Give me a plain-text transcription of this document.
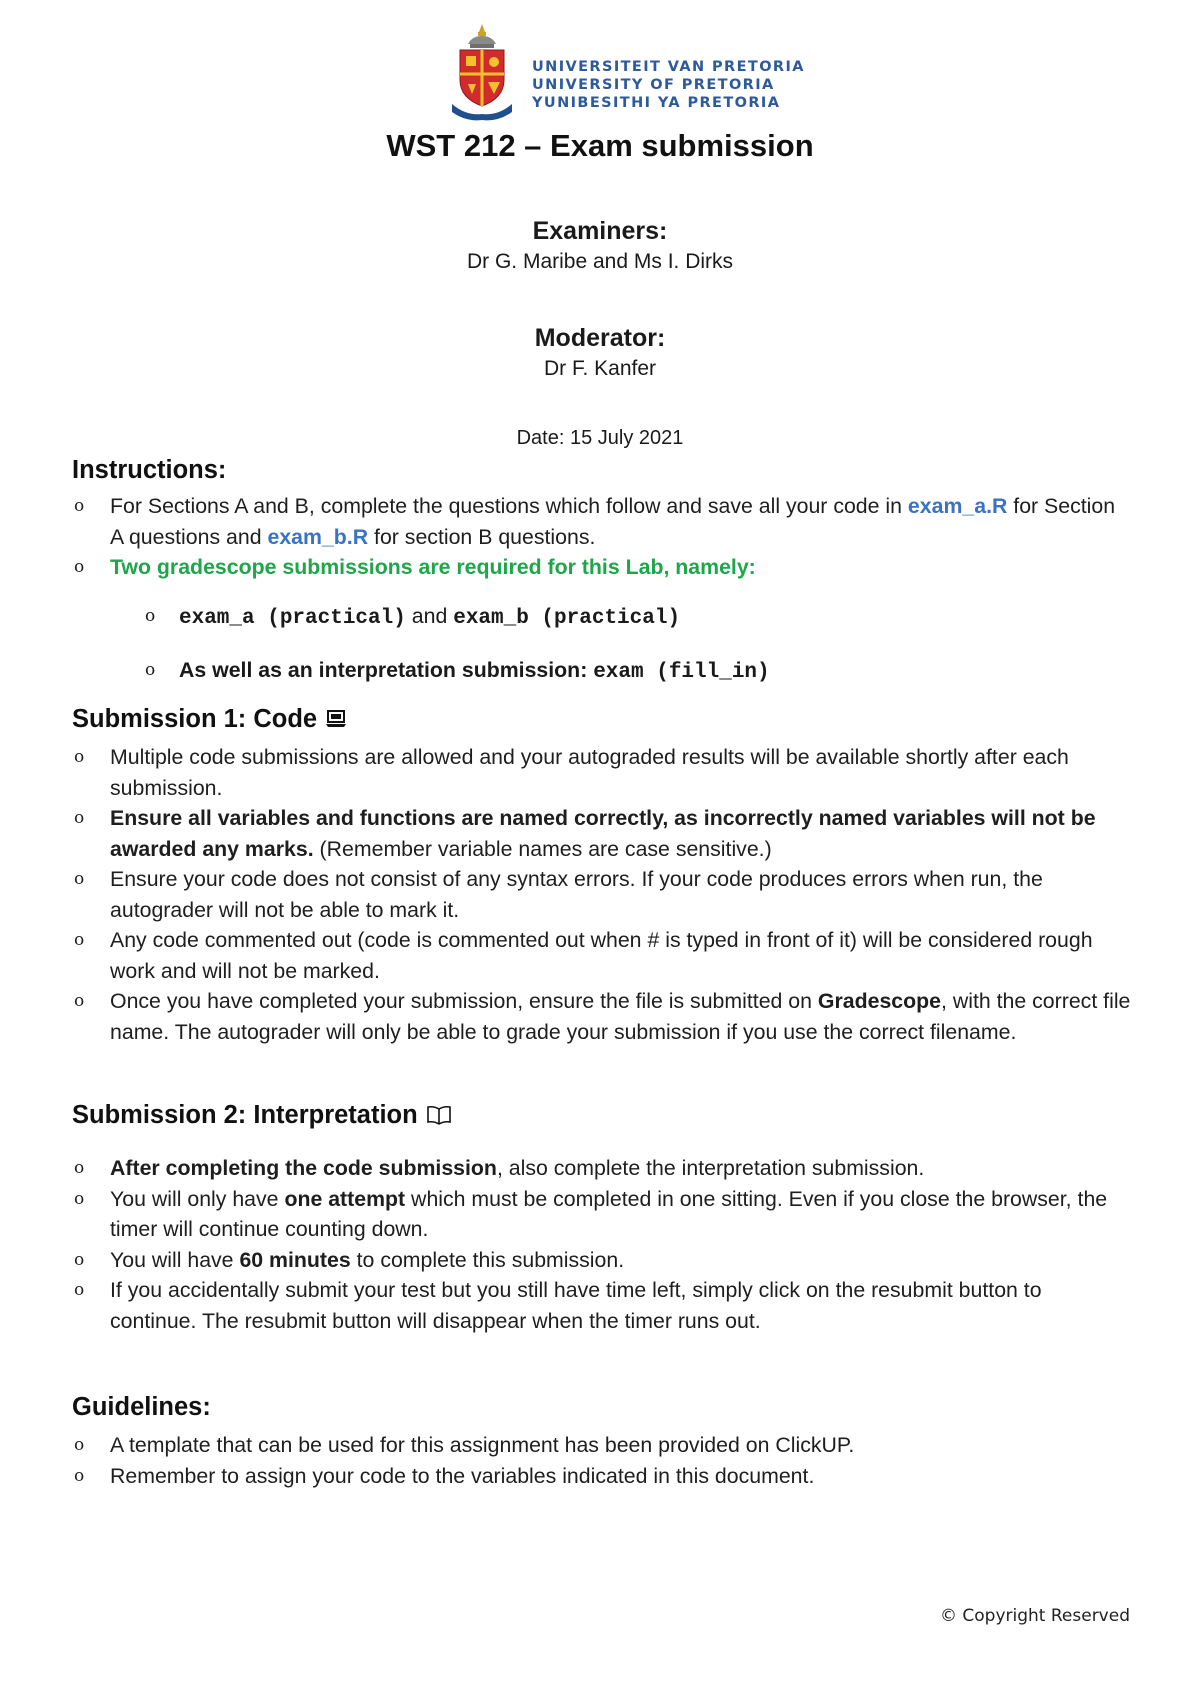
UNIVERSITEIT VAN PRETORIA
UNIVERSITY OF PRETORIA
YUNIBESITHI YA PRETORIA
WST 212 – Exam submission
Examiners:
Dr G. Maribe and Ms I. Dirks
Moderator:
Dr F. Kanfer
Date: 15 July 2021
Instructions:
o For Sections A and B, complete the questions which follow and save all your code in exam_a.R for Section A questions and exam_b.R for section B questions.
o Two gradescope submissions are required for this Lab, namely:
o exam_a (practical) and exam_b (practical)
o As well as an interpretation submission: exam (fill_in)
Submission 1: Code
o Multiple code submissions are allowed and your autograded results will be available shortly after each submission.
o Ensure all variables and functions are named correctly, as incorrectly named variables will not be awarded any marks. (Remember variable names are case sensitive.)
o Ensure your code does not consist of any syntax errors. If your code produces errors when run, the autograder will not be able to mark it.
o Any code commented out (code is commented out when # is typed in front of it) will be considered rough work and will not be marked.
o Once you have completed your submission, ensure the file is submitted on Gradescope, with the correct file name. The autograder will only be able to grade your submission if you use the correct filename.
Submission 2: Interpretation
o After completing the code submission, also complete the interpretation submission.
o You will only have one attempt which must be completed in one sitting. Even if you close the browser, the timer will continue counting down.
o You will have 60 minutes to complete this submission.
o If you accidentally submit your test but you still have time left, simply click on the resubmit button to continue. The resubmit button will disappear when the timer runs out.
Guidelines:
o A template that can be used for this assignment has been provided on ClickUP.
o Remember to assign your code to the variables indicated in this document.
© Copyright Reserved
